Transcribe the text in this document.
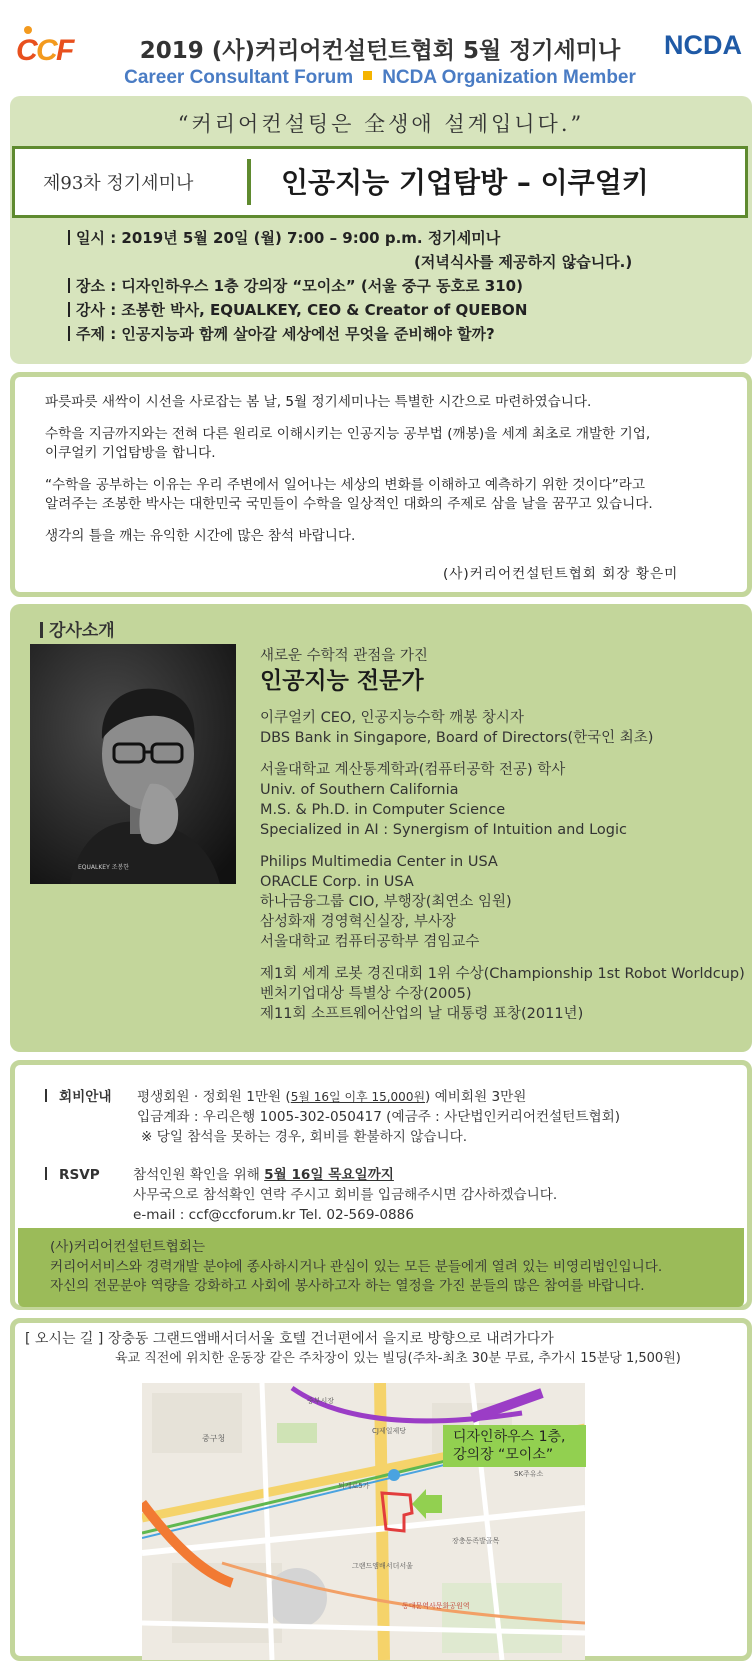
C
C
F	2019 (사)커리어컨설턴트협회 5월 정기세미나
Career Consultant Forum NCDA Organization Member
NCDA
“커리어컨설팅은 全생애 설계입니다.”
제93차 정기세미나	인공지능 기업탐방 – 이쿠얼키
일시 : 2019년 5월 20일 (월) 7:00 – 9:00 p.m. 정기세미나
(저녁식사를 제공하지 않습니다.)
장소 : 디자인하우스 1층 강의장 “모이소” (서울 중구 동호로 310)
강사 : 조봉한 박사, EQUALKEY, CEO & Creator of QUEBON
주제 : 인공지능과 함께 살아갈 세상에선 무엇을 준비해야 할까?

파릇파릇 새싹이 시선을 사로잡는 봄 날, 5월 정기세미나는 특별한 시간으로 마련하였습니다.

수학을 지금까지와는 전혀 다른 원리로 이해시키는 인공지능 공부법 (깨봉)을 세계 최초로 개발한 기업,
이쿠얼키 기업탐방을 합니다.

“수학을 공부하는 이유는 우리 주변에서 일어나는 세상의 변화를 이해하고 예측하기 위한 것이다”라고
알려주는 조봉한 박사는 대한민국 국민들이 수학을 일상적인 대화의 주제로 삼을 날을 꿈꾸고 있습니다.

생각의 틀을 깨는 유익한 시간에 많은 참석 바랍니다.

(사)커리어컨설턴트협회 회장 황은미
강사소개
EQUALKEY 조봉한
새로운 수학적 관점을 가진
인공지능 전문가
이쿠얼키 CEO, 인공지능수학 깨봉 창시자
DBS Bank in Singapore, Board of Directors(한국인 최초)
서울대학교 계산통계학과(컴퓨터공학 전공) 학사
Univ. of Southern California
M.S. & Ph.D. in Computer Science
Specialized in AI : Synergism of Intuition and Logic
Philips Multimedia Center in USA
ORACLE Corp. in USA
하나금융그룹 CIO, 부행장(최연소 임원)
삼성화재 경영혁신실장, 부사장
서울대학교 컴퓨터공학부 겸임교수
제1회 세계 로봇 경진대회 1위 수상(Championship 1st Robot Worldcup)
벤처기업대상 특별상 수장(2005)
제11회 소프트웨어산업의 날 대통령 표창(2011년)
회비안내 평생회원 · 정회원 1만원 (5월 16일 이후 15,000원) 예비회원 3만원
입금계좌 : 우리은행 1005-302-050417 (예금주 : 사단법인커리어컨설턴트협회)
※ 당일 참석을 못하는 경우, 회비를 환불하지 않습니다.
RSVP 참석인원 확인을 위해 5월 16일 목요일까지
사무국으로 참석확인 연락 주시고 회비를 입금해주시면 감사하겠습니다.
e-mail : ccf@ccforum.kr Tel. 02-569-0886
(사)커리어컨설턴트협회는
커리어서비스와 경력개발 분야에 종사하시거나 관심이 있는 모든 분들에게 열려 있는 비영리법인입니다.
자신의 전문분야 역량을 강화하고 사회에 봉사하고자 하는 열정을 가진 분들의 많은 참여를 바랍니다.
[ 오시는 길 ] 장충동 그랜드앰배서더서울 호텔 건너편에서 을지로 방향으로 내려가다가
육교 직전에 위치한 운동장 같은 주차장이 있는 빌딩(주차-최초 30분 무료, 추가시 15분당 1,500원)
중구청
CJ제일제당
SK주유소
퇴계로5가
중부시장
그랜드앰배서더서울
장충동족발골목
동대문역사문화공원역
디자인하우스 1층,
강의장 “모이소”
